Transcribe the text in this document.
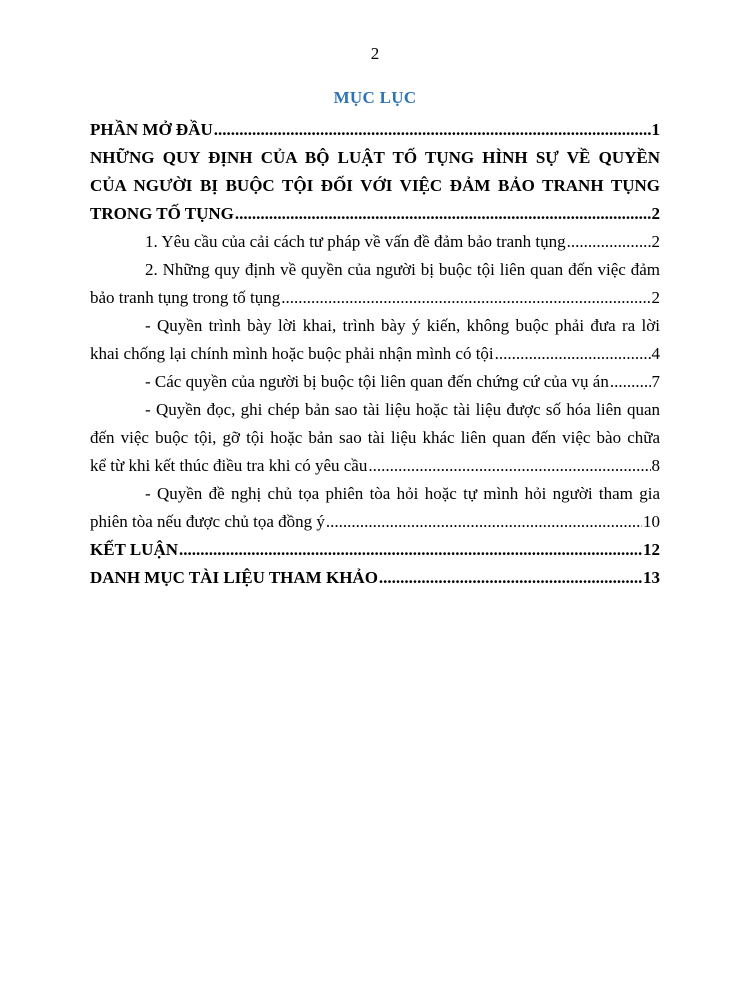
2
MỤC LỤC
PHẦN MỞ ĐẦU .....	1
NHỮNG QUY ĐỊNH CỦA BỘ LUẬT TỐ TỤNG HÌNH SỰ VỀ QUYỀN
CỦA NGƯỜI BỊ BUỘC TỘI ĐỐI VỚI VIỆC ĐẢM BẢO TRANH TỤNG
TRONG TỐ TỤNG .....	2
1. Yêu cầu của cải cách tư pháp về vấn đề đảm bảo tranh tụng .....	2
2. Những quy định về quyền của người bị buộc tội liên quan đến việc đảm
bảo tranh tụng trong tố tụng .....	2
- Quyền trình bày lời khai, trình bày ý kiến, không buộc phải đưa ra lời
khai chống lại chính mình hoặc buộc phải nhận mình có tội .....	4
- Các quyền của người bị buộc tội liên quan đến chứng cứ của vụ án .....	7
- Quyền đọc, ghi chép bản sao tài liệu hoặc tài liệu được số hóa liên quan
đến việc buộc tội, gỡ tội hoặc bản sao tài liệu khác liên quan đến việc bào chữa
kể từ khi kết thúc điều tra khi có yêu cầu .....	8
- Quyền đề nghị chủ tọa phiên tòa hỏi hoặc tự mình hỏi người tham gia
phiên tòa nếu được chủ tọa đồng ý .....	10
KẾT LUẬN .....	12
DANH MỤC TÀI LIỆU THAM KHẢO .....	13
